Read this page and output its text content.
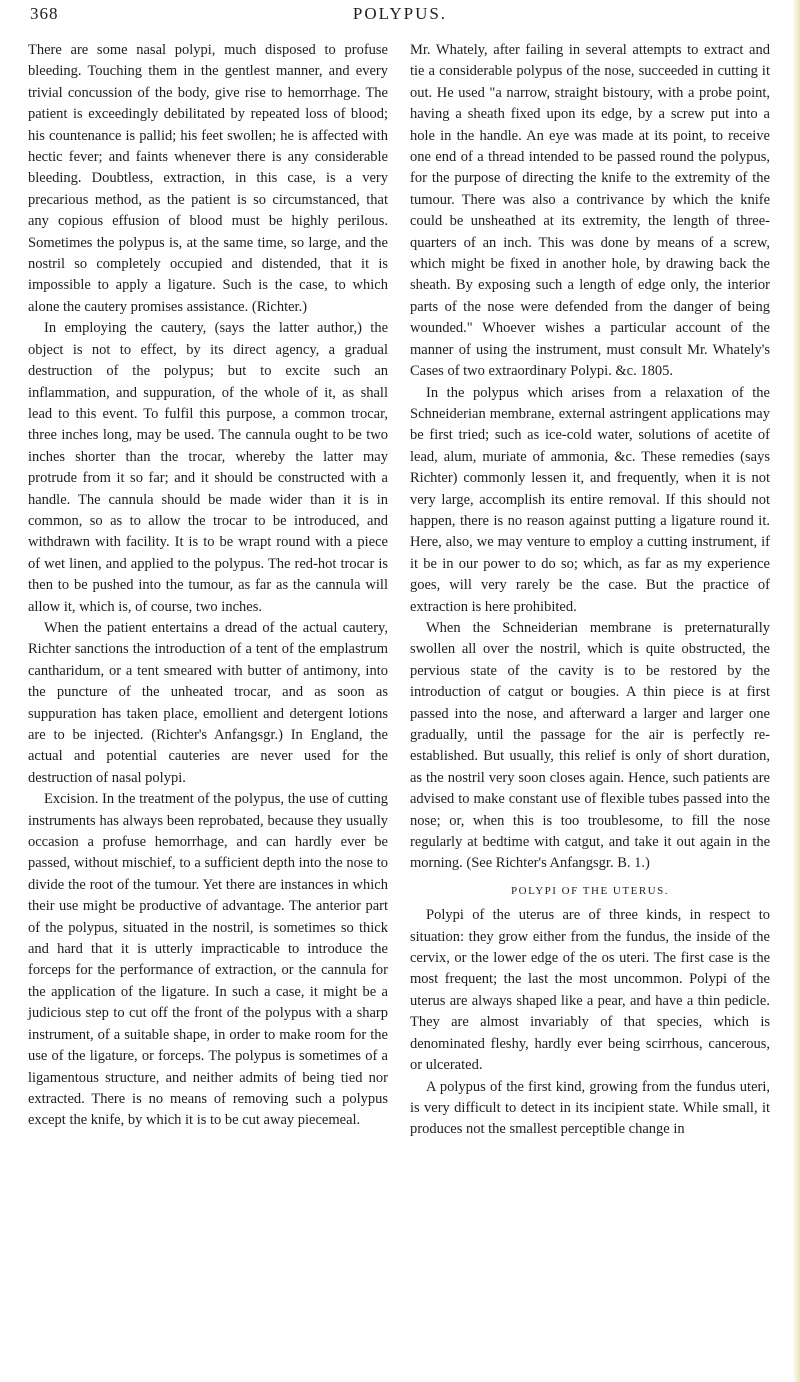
368	POLYPUS.

There are some nasal polypi, much disposed to profuse bleeding. Touching them in the gentlest manner, and every trivial concussion of the body, give rise to hemorrhage. The patient is exceedingly debilitated by repeated loss of blood; his countenance is pallid; his feet swollen; he is affected with hectic fever; and faints whenever there is any considerable bleeding. Doubtless, extraction, in this case, is a very precarious method, as the patient is so circumstanced, that any copious effusion of blood must be highly perilous. Sometimes the polypus is, at the same time, so large, and the nostril so completely occupied and distended, that it is impossible to apply a ligature. Such is the case, to which alone the cautery promises assistance. (Richter.)

In employing the cautery, (says the latter author,) the object is not to effect, by its direct agency, a gradual destruction of the polypus; but to excite such an inflammation, and suppuration, of the whole of it, as shall lead to this event. To fulfil this purpose, a common trocar, three inches long, may be used. The cannula ought to be two inches shorter than the trocar, whereby the latter may protrude from it so far; and it should be constructed with a handle. The cannula should be made wider than it is in common, so as to allow the trocar to be introduced, and withdrawn with facility. It is to be wrapt round with a piece of wet linen, and applied to the polypus. The red-hot trocar is then to be pushed into the tumour, as far as the cannula will allow it, which is, of course, two inches.

When the patient entertains a dread of the actual cautery, Richter sanctions the introduction of a tent of the emplastrum cantharidum, or a tent smeared with butter of antimony, into the puncture of the unheated trocar, and as soon as suppuration has taken place, emollient and detergent lotions are to be injected. (Richter's Anfangsgr.) In England, the actual and potential cauteries are never used for the destruction of nasal polypi.

Excision. In the treatment of the polypus, the use of cutting instruments has always been reprobated, because they usually occasion a profuse hemorrhage, and can hardly ever be passed, without mischief, to a sufficient depth into the nose to divide the root of the tumour. Yet there are instances in which their use might be productive of advantage. The anterior part of the polypus, situated in the nostril, is sometimes so thick and hard that it is utterly impracticable to introduce the forceps for the performance of extraction, or the cannula for the application of the ligature. In such a case, it might be a judicious step to cut off the front of the polypus with a sharp instrument, of a suitable shape, in order to make room for the use of the ligature, or forceps. The polypus is sometimes of a ligamentous structure, and neither admits of being tied nor extracted. There is no means of removing such a polypus except the knife, by which it is to be cut away piecemeal.

Mr. Whately, after failing in several attempts to extract and tie a considerable polypus of the nose, succeeded in cutting it out. He used "a narrow, straight bistoury, with a probe point, having a sheath fixed upon its edge, by a screw put into a hole in the handle. An eye was made at its point, to receive one end of a thread intended to be passed round the polypus, for the purpose of directing the knife to the extremity of the tumour. There was also a contrivance by which the knife could be unsheathed at its extremity, the length of three-quarters of an inch. This was done by means of a screw, which might be fixed in another hole, by drawing back the sheath. By exposing such a length of edge only, the interior parts of the nose were defended from the danger of being wounded." Whoever wishes a particular account of the manner of using the instrument, must consult Mr. Whately's Cases of two extraordinary Polypi. &c. 1805.

In the polypus which arises from a relaxation of the Schneiderian membrane, external astringent applications may be first tried; such as ice-cold water, solutions of acetite of lead, alum, muriate of ammonia, &c. These remedies (says Richter) commonly lessen it, and frequently, when it is not very large, accomplish its entire removal. If this should not happen, there is no reason against putting a ligature round it. Here, also, we may venture to employ a cutting instrument, if it be in our power to do so; which, as far as my experience goes, will very rarely be the case. But the practice of extraction is here prohibited.

When the Schneiderian membrane is preternaturally swollen all over the nostril, which is quite obstructed, the pervious state of the cavity is to be restored by the introduction of catgut or bougies. A thin piece is at first passed into the nose, and afterward a larger and larger one gradually, until the passage for the air is perfectly re-established. But usually, this relief is only of short duration, as the nostril very soon closes again. Hence, such patients are advised to make constant use of flexible tubes passed into the nose; or, when this is too troublesome, to fill the nose regularly at bedtime with catgut, and take it out again in the morning. (See Richter's Anfangsgr. B. 1.)

POLYPI OF THE UTERUS.

Polypi of the uterus are of three kinds, in respect to situation: they grow either from the fundus, the inside of the cervix, or the lower edge of the os uteri. The first case is the most frequent; the last the most uncommon. Polypi of the uterus are always shaped like a pear, and have a thin pedicle. They are almost invariably of that species, which is denominated fleshy, hardly ever being scirrhous, cancerous, or ulcerated.

A polypus of the first kind, growing from the fundus uteri, is very difficult to detect in its incipient state. While small, it produces not the smallest perceptible change in
